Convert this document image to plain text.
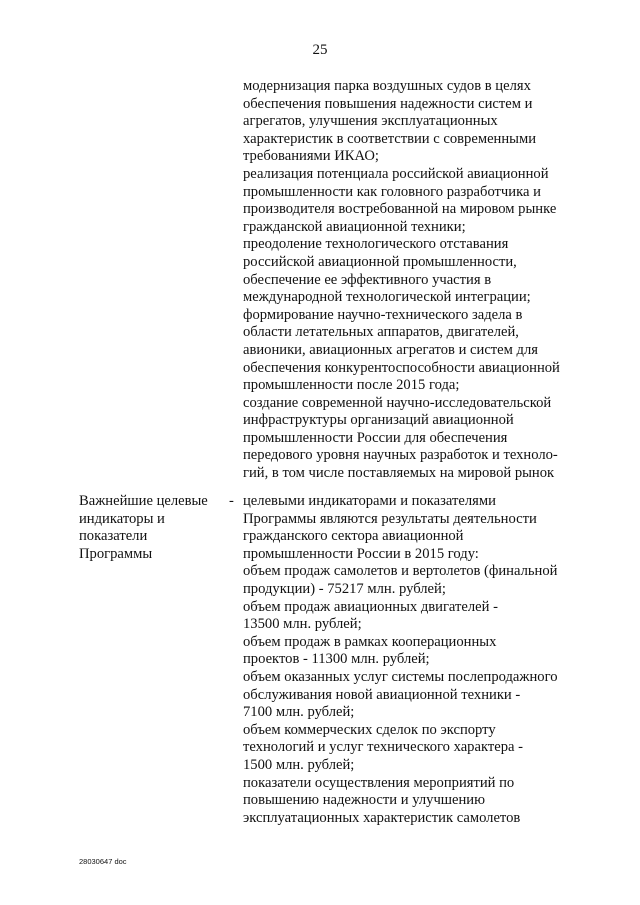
25
модернизация парка воздушных судов в целях
обеспечения повышения надежности систем и
агрегатов, улучшения эксплуатационных
характеристик в соответствии с современными
требованиями ИКАО;
реализация потенциала российской авиационной
промышленности как головного разработчика и
производителя востребованной на мировом рынке
гражданской авиационной техники;
преодоление технологического отставания
российской авиационной промышленности,
обеспечение ее эффективного участия в
международной технологической интеграции;
формирование научно-технического задела в
области летательных аппаратов, двигателей,
авионики, авиационных агрегатов и систем для
обеспечения конкурентоспособности авиационной
промышленности после 2015 года;
создание современной научно-исследовательской
инфраструктуры организаций авиационной
промышленности России для обеспечения
передового уровня научных разработок и техноло-
гий, в том числе поставляемых на мировой рынок
Важнейшие целевые
индикаторы и
показатели
Программы
- целевыми индикаторами и показателями
Программы являются результаты деятельности
гражданского сектора авиационной
промышленности России в 2015 году:
объем продаж самолетов и вертолетов (финальной
продукции) - 75217 млн. рублей;
объем продаж авиационных двигателей -
13500 млн. рублей;
объем продаж в рамках кооперационных
проектов - 11300 млн. рублей;
объем оказанных услуг системы послепродажного
обслуживания новой авиационной техники -
7100 млн. рублей;
объем коммерческих сделок по экспорту
технологий и услуг технического характера -
1500 млн. рублей;
показатели осуществления мероприятий по
повышению надежности и улучшению
эксплуатационных характеристик самолетов
28030647 doc
